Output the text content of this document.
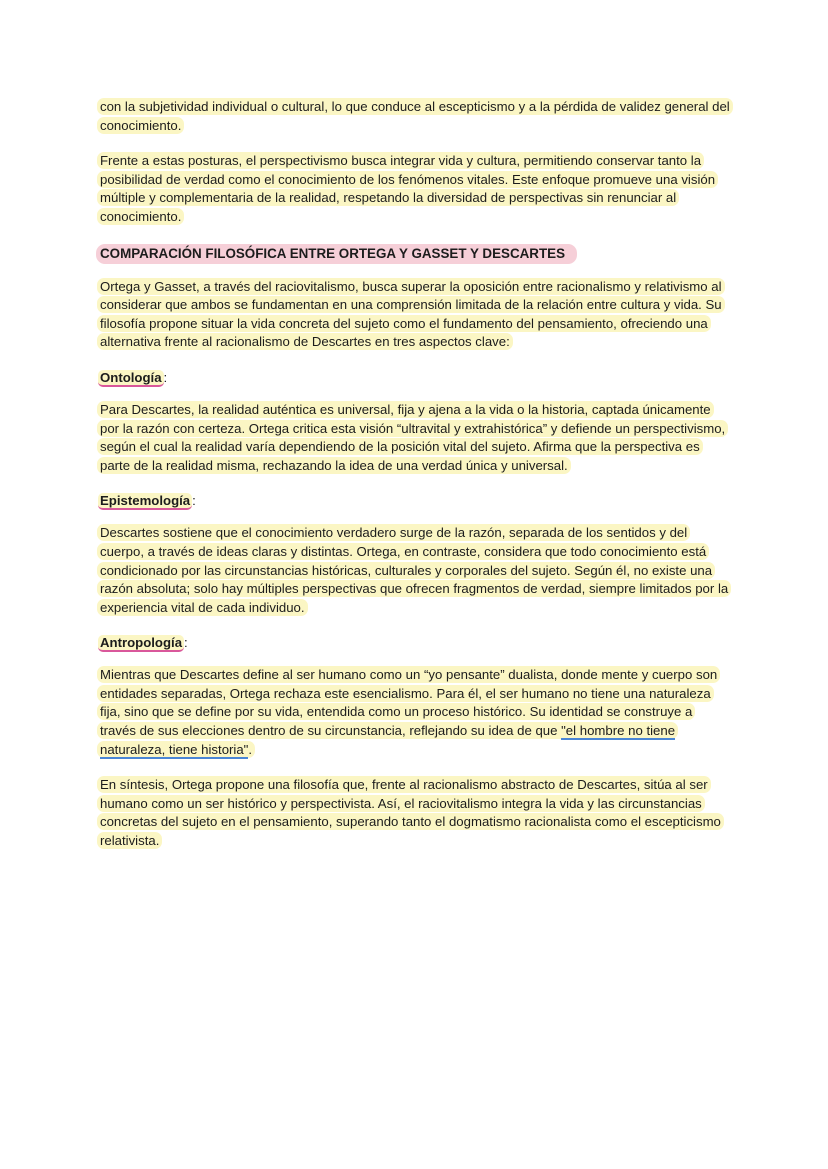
con la subjetividad individual o cultural, lo que conduce al escepticismo y a la pérdida de validez general del conocimiento.

Frente a estas posturas, el perspectivismo busca integrar vida y cultura, permitiendo conservar tanto la posibilidad de verdad como el conocimiento de los fenómenos vitales. Este enfoque promueve una visión múltiple y complementaria de la realidad, respetando la diversidad de perspectivas sin renunciar al conocimiento.

COMPARACIÓN FILOSÓFICA ENTRE ORTEGA Y GASSET Y DESCARTES

Ortega y Gasset, a través del raciovitalismo, busca superar la oposición entre racionalismo y relativismo al considerar que ambos se fundamentan en una comprensión limitada de la relación entre cultura y vida. Su filosofía propone situar la vida concreta del sujeto como el fundamento del pensamiento, ofreciendo una alternativa frente al racionalismo de Descartes en tres aspectos clave:

Ontología :

Para Descartes, la realidad auténtica es universal, fija y ajena a la vida o la historia, captada únicamente por la razón con certeza. Ortega critica esta visión “ultravital y extrahistórica” y defiende un perspectivismo, según el cual la realidad varía dependiendo de la posición vital del sujeto. Afirma que la perspectiva es parte de la realidad misma, rechazando la idea de una verdad única y universal.

Epistemología :

Descartes sostiene que el conocimiento verdadero surge de la razón, separada de los sentidos y del cuerpo, a través de ideas claras y distintas. Ortega, en contraste, considera que todo conocimiento está condicionado por las circunstancias históricas, culturales y corporales del sujeto. Según él, no existe una razón absoluta; solo hay múltiples perspectivas que ofrecen fragmentos de verdad, siempre limitados por la experiencia vital de cada individuo.

Antropología :

Mientras que Descartes define al ser humano como un “yo pensante” dualista, donde mente y cuerpo son entidades separadas, Ortega rechaza este esencialismo. Para él, el ser humano no tiene una naturaleza fija, sino que se define por su vida, entendida como un proceso histórico. Su identidad se construye a través de sus elecciones dentro de su circunstancia, reflejando su idea de que "el hombre no tiene naturaleza, tiene historia".

En síntesis, Ortega propone una filosofía que, frente al racionalismo abstracto de Descartes, sitúa al ser humano como un ser histórico y perspectivista. Así, el raciovitalismo integra la vida y las circunstancias concretas del sujeto en el pensamiento, superando tanto el dogmatismo racionalista como el escepticismo relativista.
